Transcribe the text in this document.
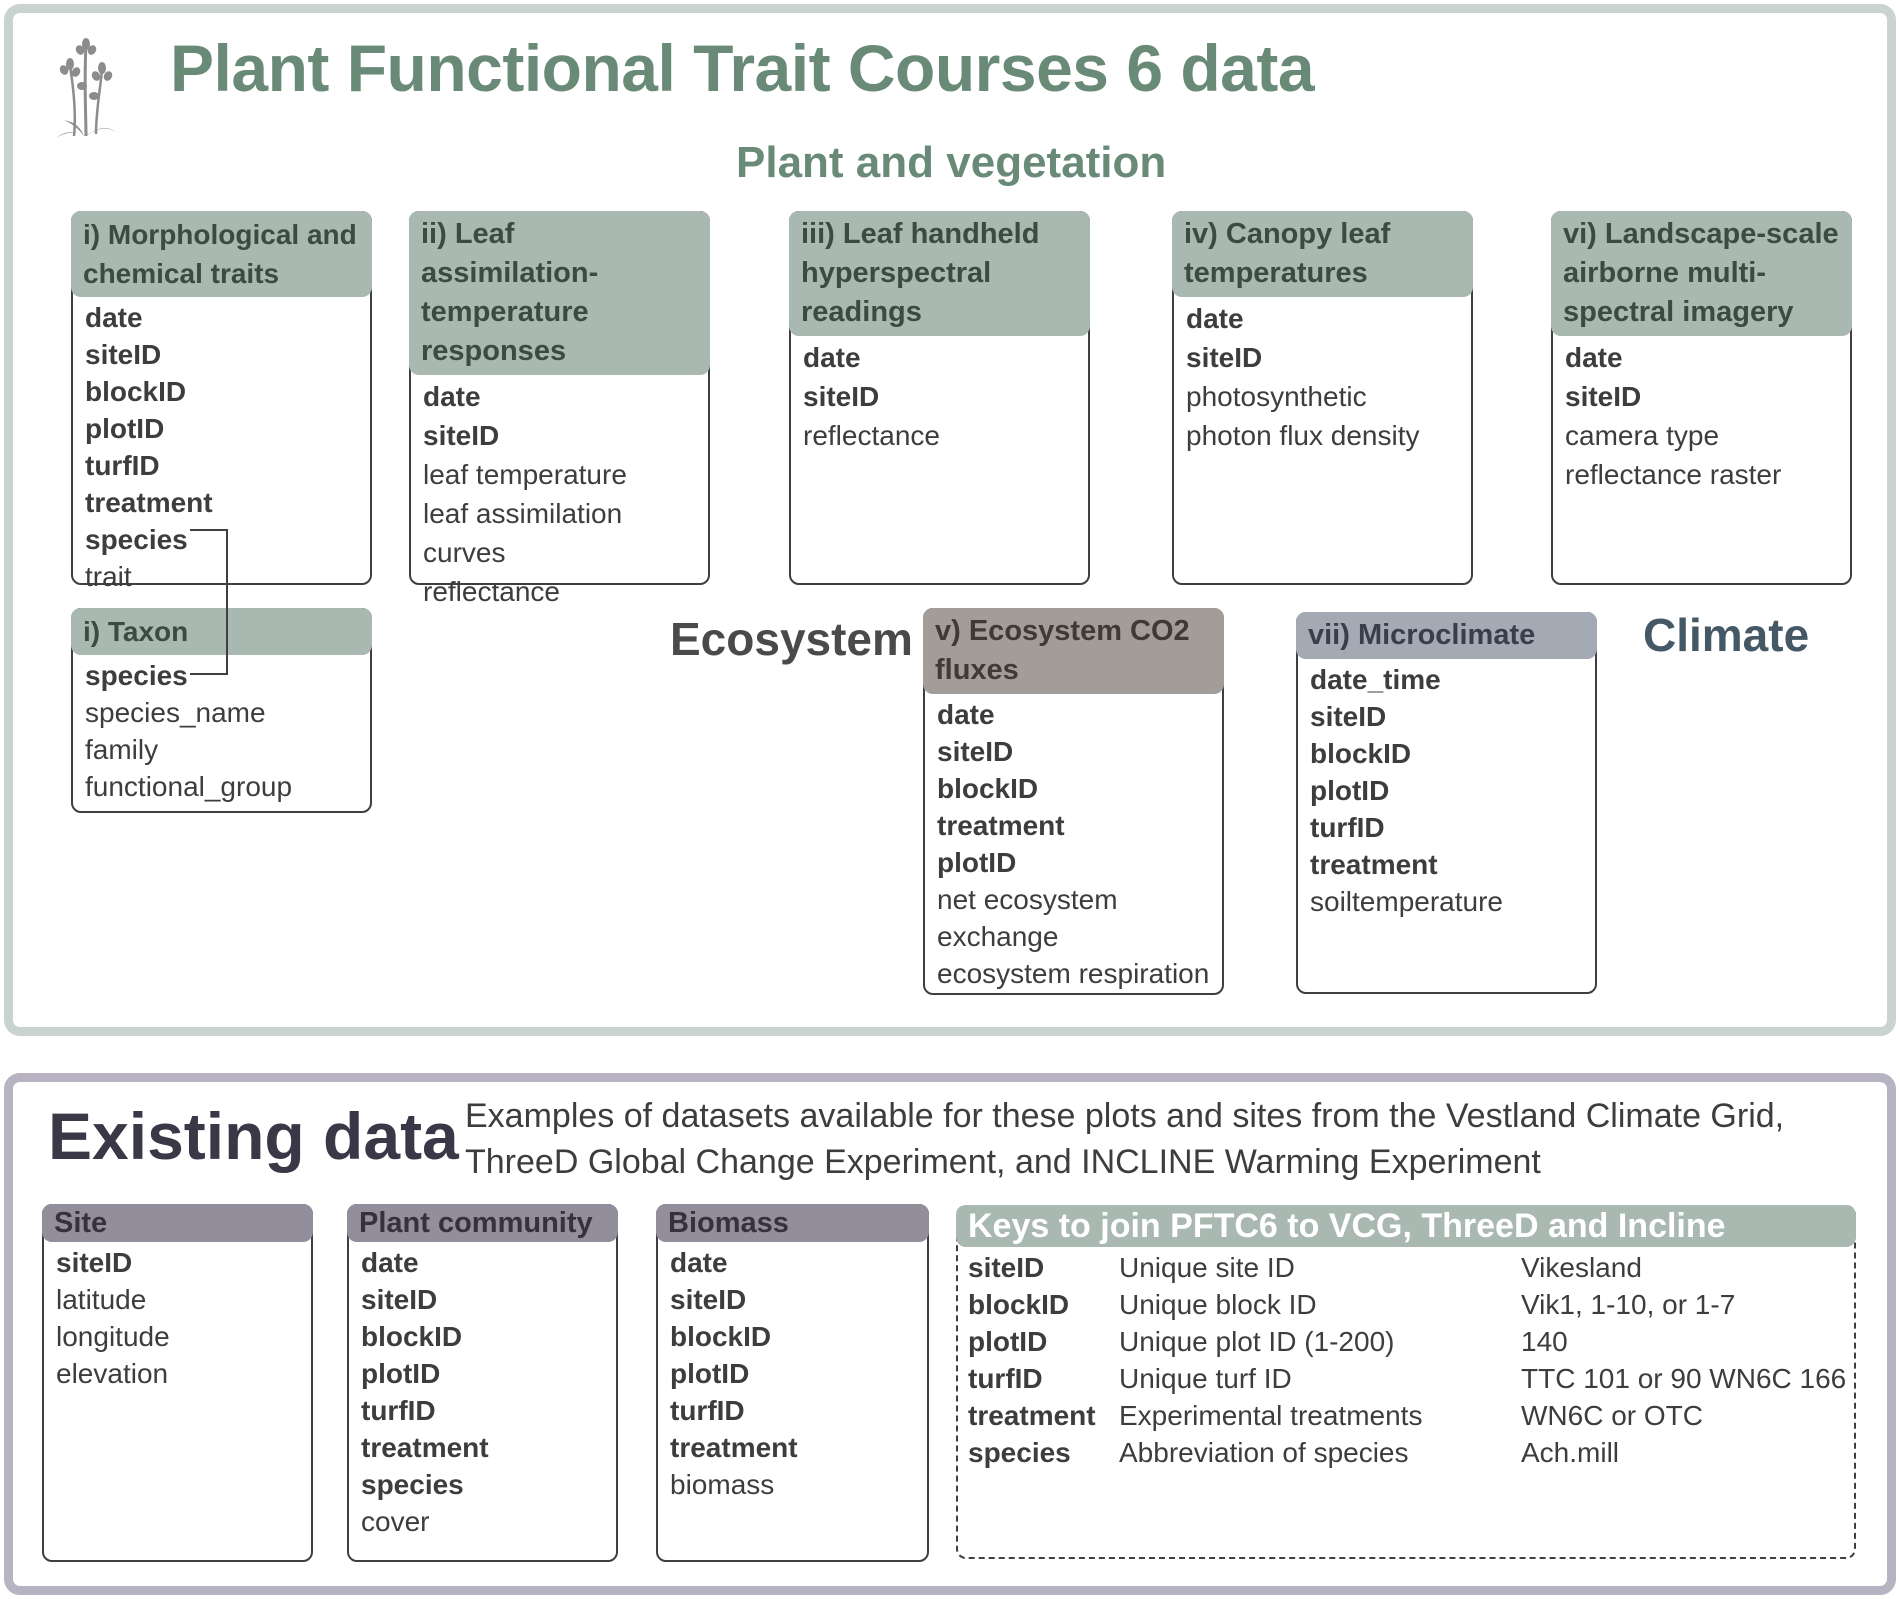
Plant Functional Trait Courses 6 data
Plant and vegetation
Ecosystem	Climate
i) Morphological and chemical traits
date
siteID
blockID
plotID
turfID
treatment
species
trait
i) Taxon
species
species_name
family
functional_group
ii) Leaf assimilation-temperature responses
date
siteID
leaf temperature
leaf assimilation
curves
reflectance
iii) Leaf handheld hyperspectral readings
date
siteID
reflectance
iv) Canopy leaf temperatures
date
siteID
photosynthetic
photon flux density
vi) Landscape-scale airborne multi-spectral imagery
date
siteID
camera type
reflectance raster
v) Ecosystem CO2 fluxes
date
siteID
blockID
treatment
plotID
net ecosystem
exchange
ecosystem respiration
vii) Microclimate
date_time
siteID
blockID
plotID
turfID
treatment
soiltemperature
Existing data Examples of datasets available for these plots and sites from the Vestland Climate Grid, ThreeD Global Change Experiment, and INCLINE Warming Experiment
Site
siteID
latitude
longitude
elevation
Plant community
date
siteID
blockID
plotID
turfID
treatment
species
cover
Biomass
date
siteID
blockID
plotID
turfID
treatment
biomass
Keys to join PFTC6 to VCG, ThreeD and Incline
siteID	Unique site ID	Vikesland
blockID Unique block ID	Vik1, 1-10, or 1-7
plotID	Unique plot ID (1-200)	140
turfID	Unique turf ID	TTC 101 or 90 WN6C 166
treatment Experimental treatments	WN6C or OTC
species Abbreviation of species	Ach.mill
